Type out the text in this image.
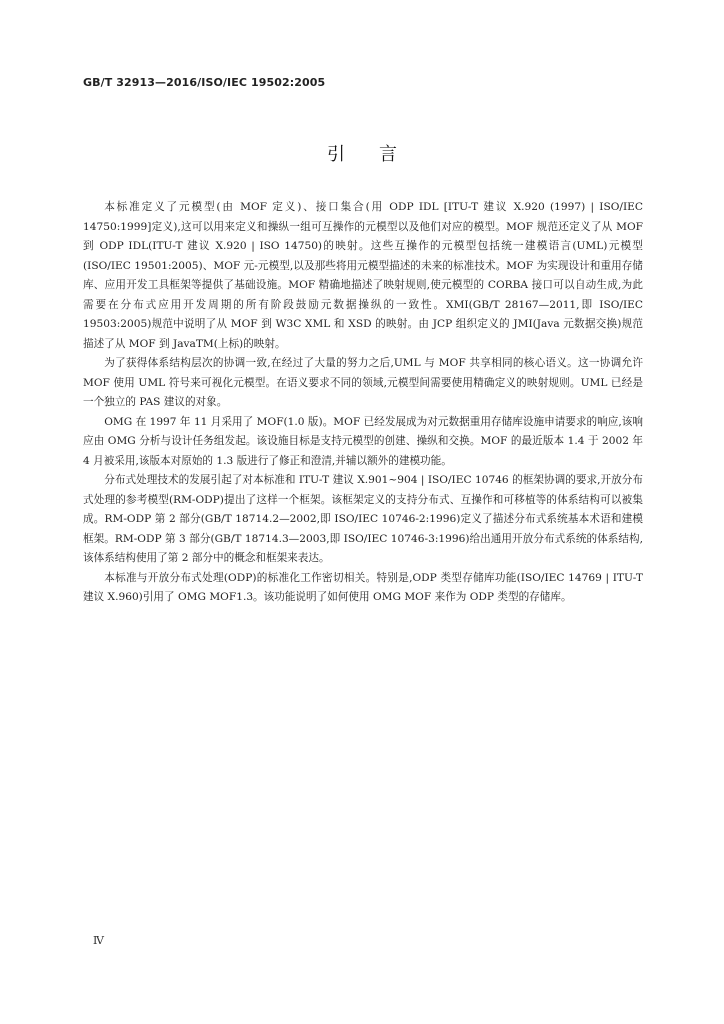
GB/T 32913—2016/ISO/IEC 19502:2005
引言

本标准定义了元模型(由 MOF 定义)、接口集合(用 ODP IDL [ITU-T 建议 X.920 (1997) | ISO/IEC 14750:1999]定义),这可以用来定义和操纵一组可互操作的元模型以及他们对应的模型。MOF 规范还定义了从 MOF 到 ODP IDL(ITU-T 建议 X.920 | ISO 14750)的映射。这些互操作的元模型包括统一建模语言(UML)元模型(ISO/IEC 19501:2005)、MOF 元-元模型,以及那些将用元模型描述的未来的标准技术。MOF 为实现设计和重用存储库、应用开发工具框架等提供了基础设施。MOF 精确地描述了映射规则,使元模型的 CORBA 接口可以自动生成,为此需要在分布式应用开发周期的所有阶段鼓励元数据操纵的一致性。XMI(GB/T 28167—2011,即 ISO/IEC 19503:2005)规范中说明了从 MOF 到 W3C XML 和 XSD 的映射。由 JCP 组织定义的 JMI(Java 元数据交换)规范描述了从 MOF 到 JavaTM(上标)的映射。

为了获得体系结构层次的协调一致,在经过了大量的努力之后,UML 与 MOF 共享相同的核心语义。这一协调允许 MOF 使用 UML 符号来可视化元模型。在语义要求不同的领域,元模型间需要使用精确定义的映射规则。UML 已经是一个独立的 PAS 建议的对象。

OMG 在 1997 年 11 月采用了 MOF(1.0 版)。MOF 已经发展成为对元数据重用存储库设施申请要求的响应,该响应由 OMG 分析与设计任务组发起。该设施目标是支持元模型的创建、操纵和交换。MOF 的最近版本 1.4 于 2002 年 4 月被采用,该版本对原始的 1.3 版进行了修正和澄清,并辅以额外的建模功能。

分布式处理技术的发展引起了对本标准和 ITU-T 建议 X.901~904 | ISO/IEC 10746 的框架协调的要求,开放分布式处理的参考模型(RM-ODP)提出了这样一个框架。该框架定义的支持分布式、互操作和可移植等的体系结构可以被集成。RM-ODP 第 2 部分(GB/T 18714.2—2002,即 ISO/IEC 10746-2:1996)定义了描述分布式系统基本术语和建模框架。RM-ODP 第 3 部分(GB/T 18714.3—2003,即 ISO/IEC 10746-3:1996)给出通用开放分布式系统的体系结构,该体系结构使用了第 2 部分中的概念和框架来表达。

本标准与开放分布式处理(ODP)的标准化工作密切相关。特别是,ODP 类型存储库功能(ISO/IEC 14769 | ITU-T 建议 X.960)引用了 OMG MOF1.3。该功能说明了如何使用 OMG MOF 来作为 ODP 类型的存储库。

Ⅳ
